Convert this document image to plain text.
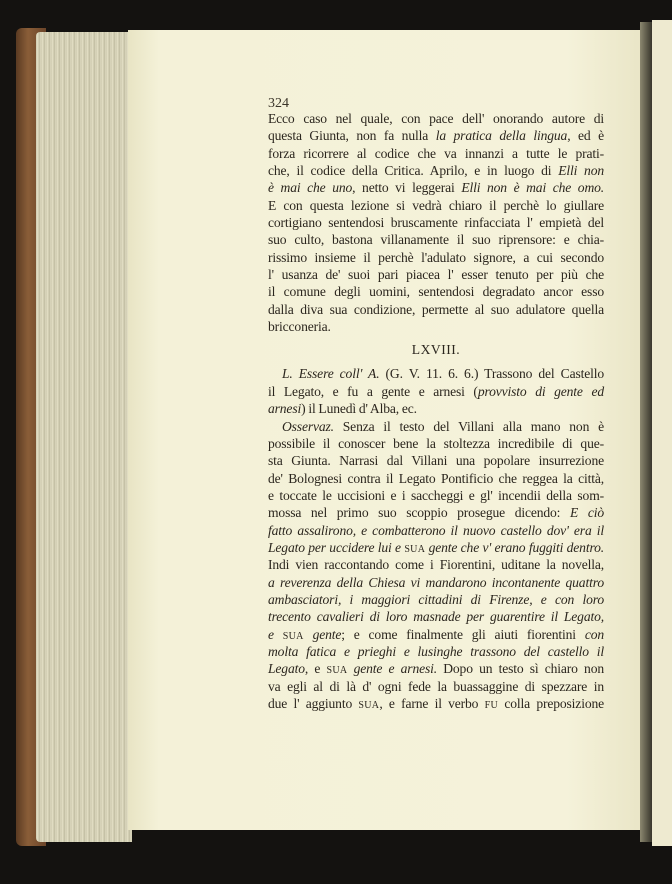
324
Ecco caso nel quale, con pace dell' onorando autore di
questa Giunta, non fa nulla la pratica della lingua, ed è
forza ricorrere al codice che va innanzi a tutte le prati-
che, il codice della Critica. Aprilo, e in luogo di Elli non
è mai che uno, netto vi leggerai Elli non è mai che omo.
E con questa lezione si vedrà chiaro il perchè lo giullare
cortigiano sentendosi bruscamente rinfacciata l' empietà del
suo culto, bastona villanamente il suo riprensore: e chia-
rissimo insieme il perchè l'adulato signore, a cui secondo
l' usanza de' suoi pari piacea l' esser tenuto per più che
il comune degli uomini, sentendosi degradato ancor esso
dalla diva sua condizione, permette al suo adulatore quella
bricconeria.
LXVIII.
L. Essere coll' A. (G. V. 11. 6. 6.) Trassono del Castello
il Legato, e fu a gente e arnesi (provvisto di gente ed
arnesi) il Lunedì d' Alba, ec.
Osservaz. Senza il testo del Villani alla mano non è
possibile il conoscer bene la stoltezza incredibile di que-
sta Giunta. Narrasi dal Villani una popolare insurrezione
de' Bolognesi contra il Legato Pontificio che reggea la città,
e toccate le uccisioni e i saccheggi e gl' incendii della som-
mossa nel primo suo scoppio prosegue dicendo: E ciò
fatto assalirono, e combatterono il nuovo castello dov' era il
Legato per uccidere lui e sua gente che v' erano fuggiti dentro.
Indi vien raccontando come i Fiorentini, uditane la novella,
a reverenza della Chiesa vi mandarono incontanente quattro
ambasciatori, i maggiori cittadini di Firenze, e con loro
trecento cavalieri di loro masnade per guarentire il Legato,
e sua gente; e come finalmente gli aiuti fiorentini con
molta fatica e prieghi e lusinghe trassono del castello il
Legato, e sua gente e arnesi. Dopo un testo sì chiaro non
va egli al di là d' ogni fede la buassaggine di spezzare in
due l' aggiunto sua, e farne il verbo fu colla preposizione
